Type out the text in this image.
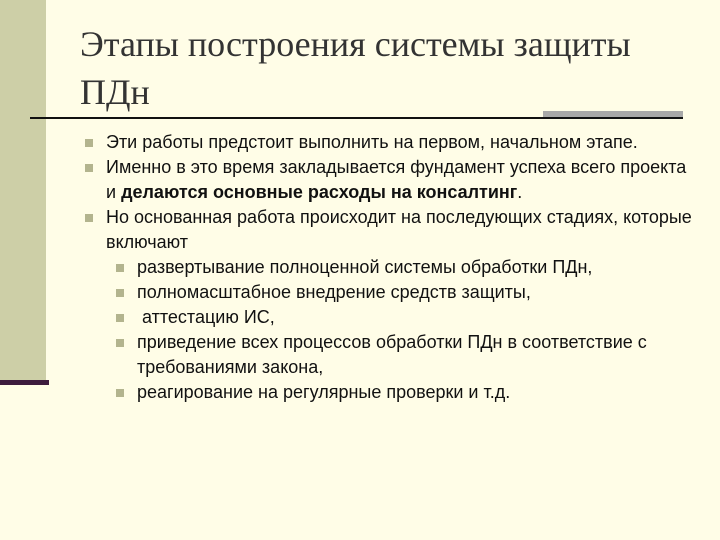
Этапы построения системы защиты ПДн
Эти работы предстоит выполнить на первом, начальном этапе.
Именно в это время закладывается фундамент успеха всего проекта и делаются основные расходы на консалтинг.
Но основанная работа происходит на последующих стадиях, которые включают
развертывание полноценной системы обработки ПДн,
полномасштабное внедрение средств защиты,
аттестацию ИС,
приведение всех процессов обработки ПДн в соответствие с требованиями закона,
реагирование на регулярные проверки и т.д.
